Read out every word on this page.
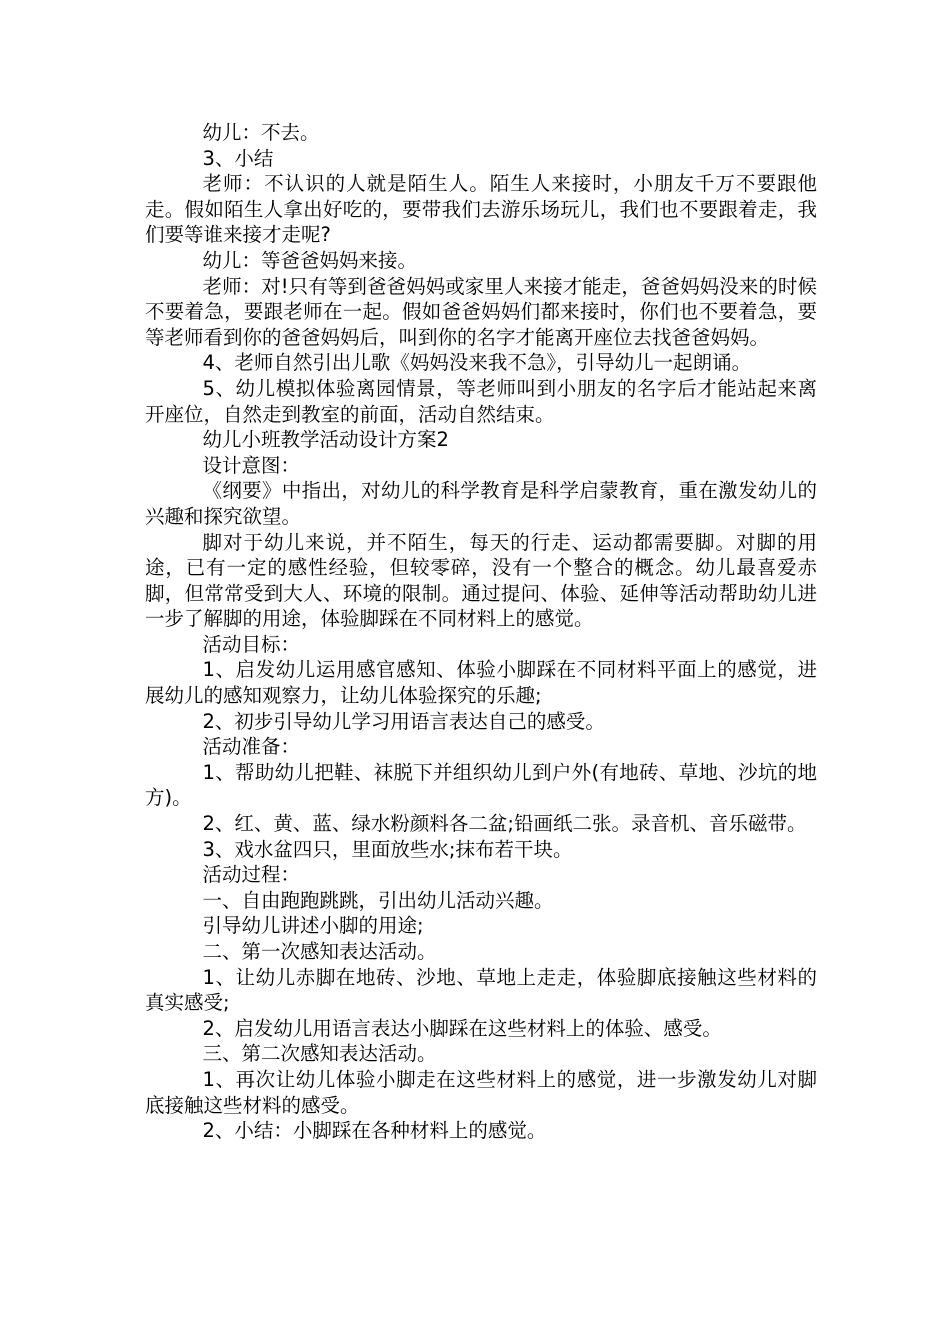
幼儿：不去。

3、小结

老师：不认识的人就是陌生人。陌生人来接时，小朋友千万不要跟他走。假如陌生人拿出好吃的，要带我们去游乐场玩儿，我们也不要跟着走，我们要等谁来接才走呢?

幼儿：等爸爸妈妈来接。

老师：对!只有等到爸爸妈妈或家里人来接才能走，爸爸妈妈没来的时候不要着急，要跟老师在一起。假如爸爸妈妈们都来接时，你们也不要着急，要等老师看到你的爸爸妈妈后，叫到你的名字才能离开座位去找爸爸妈妈。

4、老师自然引出儿歌《妈妈没来我不急》，引导幼儿一起朗诵。

5、幼儿模拟体验离园情景，等老师叫到小朋友的名字后才能站起来离开座位，自然走到教室的前面，活动自然结束。

幼儿小班教学活动设计方案2

设计意图：

《纲要》中指出，对幼儿的科学教育是科学启蒙教育，重在激发幼儿的兴趣和探究欲望。

脚对于幼儿来说，并不陌生，每天的行走、运动都需要脚。对脚的用途，已有一定的感性经验，但较零碎，没有一个整合的概念。幼儿最喜爱赤脚，但常常受到大人、环境的限制。通过提问、体验、延伸等活动帮助幼儿进一步了解脚的用途，体验脚踩在不同材料上的感觉。

活动目标：

1、启发幼儿运用感官感知、体验小脚踩在不同材料平面上的感觉，进展幼儿的感知观察力，让幼儿体验探究的乐趣;

2、初步引导幼儿学习用语言表达自己的感受。

活动准备：

1、帮助幼儿把鞋、袜脱下并组织幼儿到户外(有地砖、草地、沙坑的地方)。

2、红、黄、蓝、绿水粉颜料各二盆;铅画纸二张。录音机、音乐磁带。

3、戏水盆四只，里面放些水;抹布若干块。

活动过程：

一、自由跑跑跳跳，引出幼儿活动兴趣。

引导幼儿讲述小脚的用途;

二、第一次感知表达活动。

1、让幼儿赤脚在地砖、沙地、草地上走走，体验脚底接触这些材料的真实感受;

2、启发幼儿用语言表达小脚踩在这些材料上的体验、感受。

三、第二次感知表达活动。

1、再次让幼儿体验小脚走在这些材料上的感觉，进一步激发幼儿对脚底接触这些材料的感受。

2、小结：小脚踩在各种材料上的感觉。
